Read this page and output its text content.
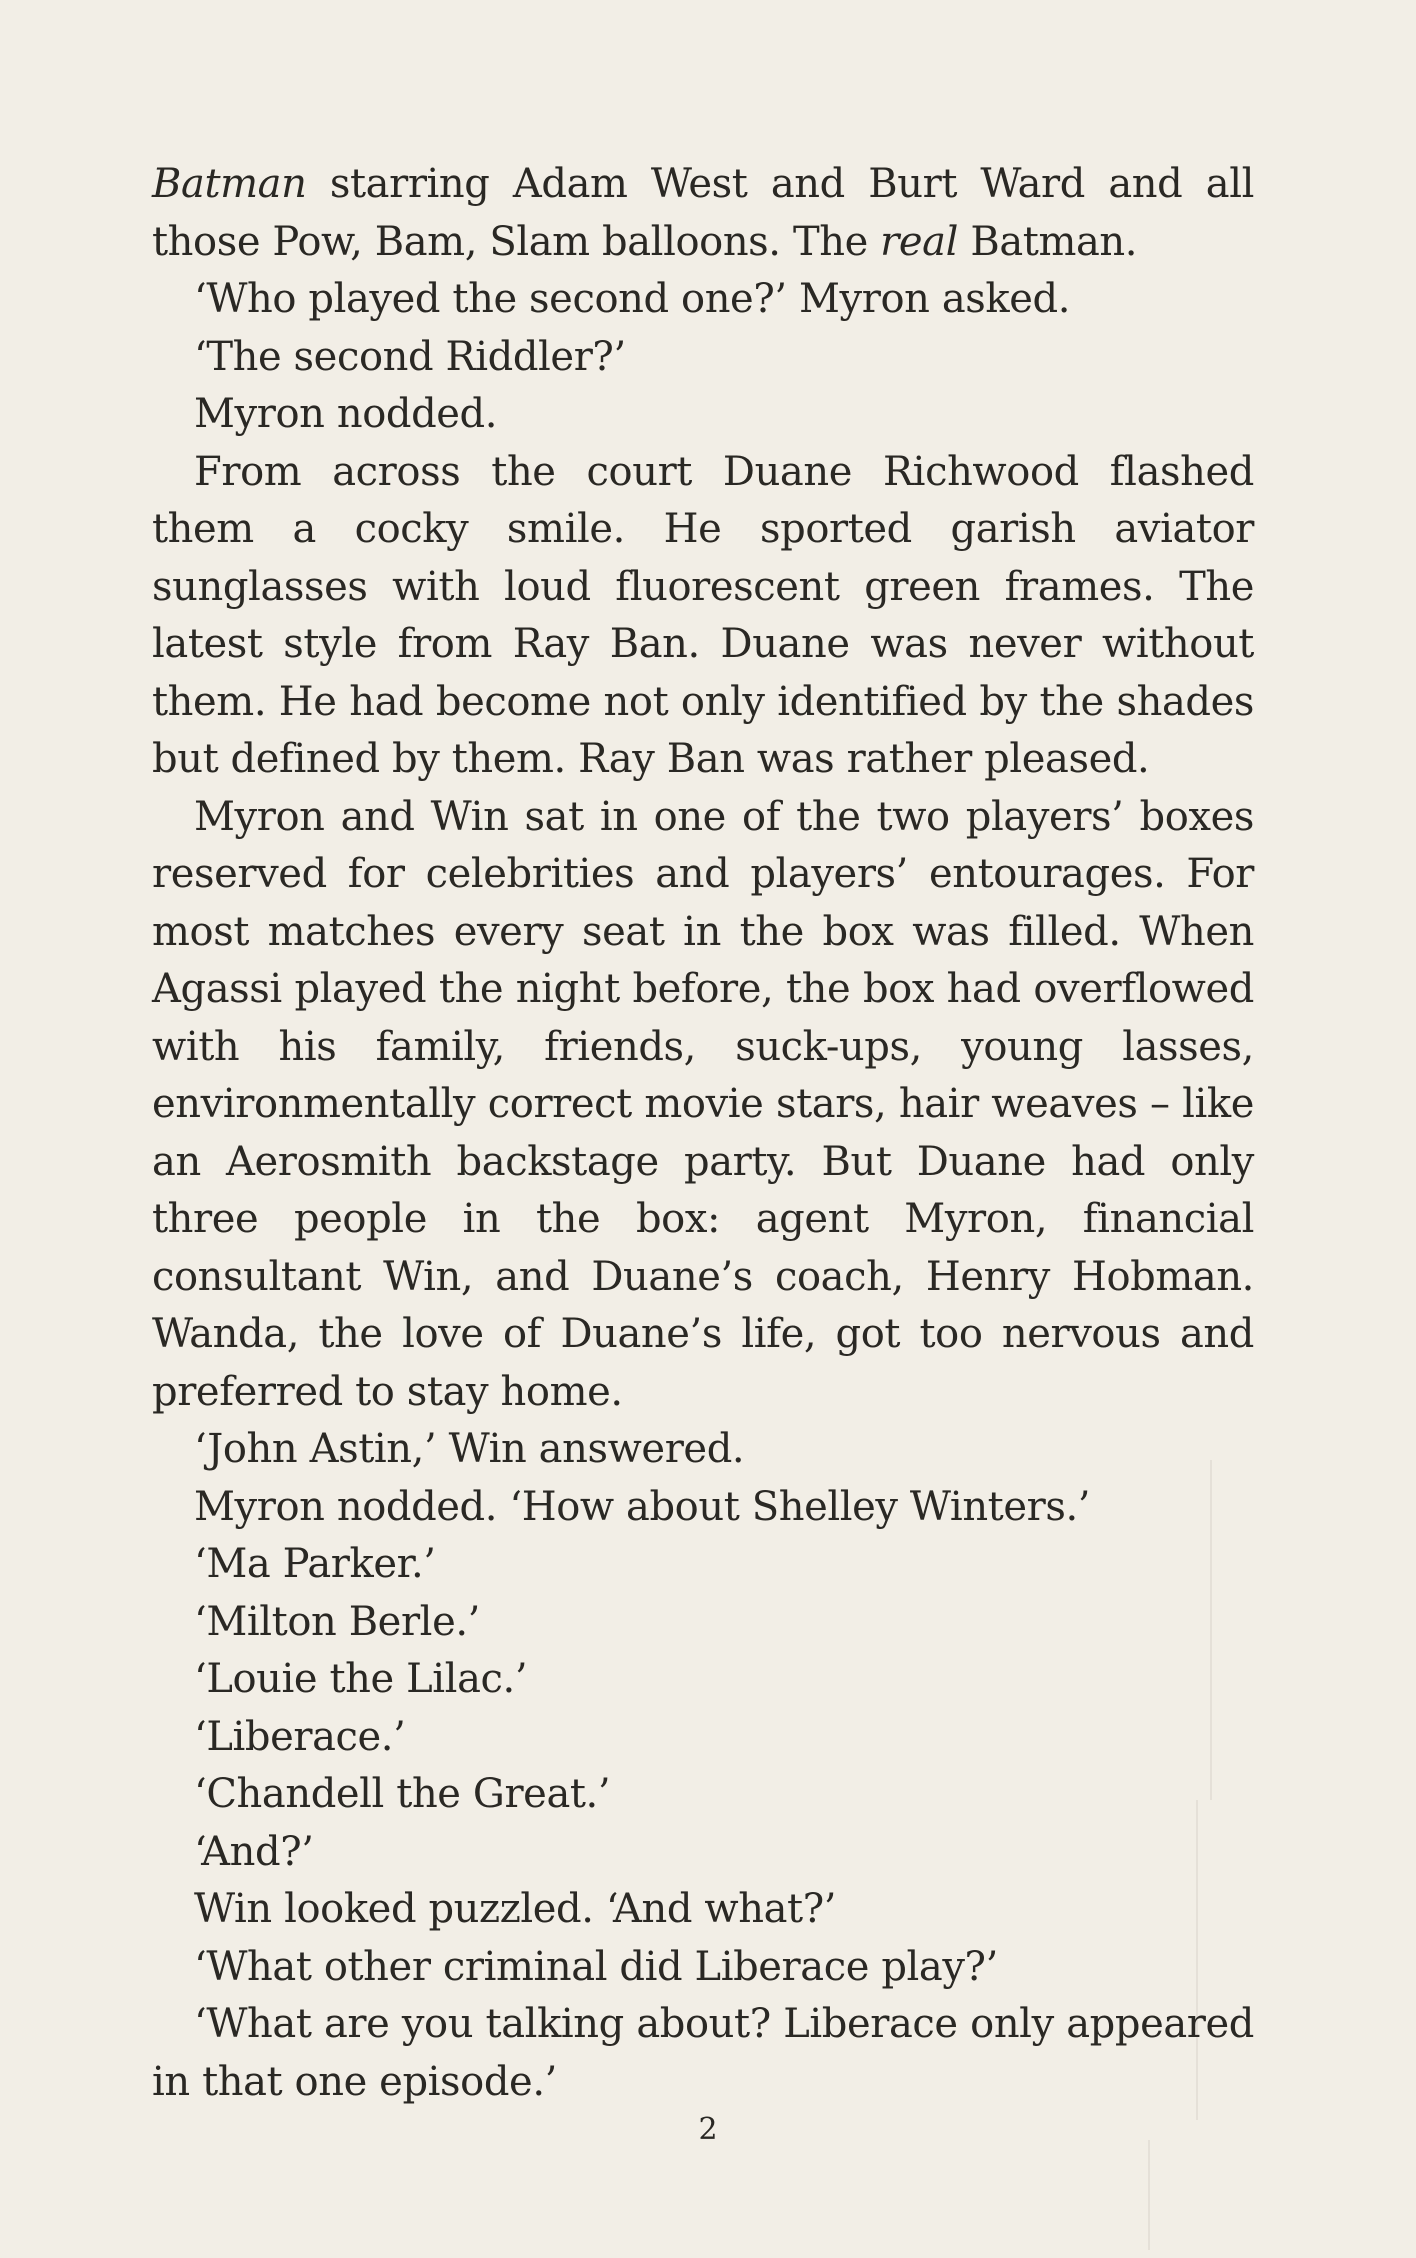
Batman starring Adam West and Burt Ward and all those Pow, Bam, Slam balloons. The real Batman.

‘Who played the second one?’ Myron asked.

‘The second Riddler?’

Myron nodded.

From across the court Duane Richwood flashed them a cocky smile. He sported garish aviator sunglasses with loud fluorescent green frames. The latest style from Ray Ban. Duane was never without them. He had become not only identified by the shades but defined by them. Ray Ban was rather pleased.

Myron and Win sat in one of the two players’ boxes reserved for celebrities and players’ entourages. For most matches every seat in the box was filled. When Agassi played the night before, the box had overflowed with his family, friends, suck-ups, young lasses, environmentally correct movie stars, hair weaves – like an Aerosmith backstage party. But Duane had only three people in the box: agent Myron, financial consultant Win, and Duane’s coach, Henry Hobman. Wanda, the love of Duane’s life, got too nervous and preferred to stay home.

‘John Astin,’ Win answered.

Myron nodded. ‘How about Shelley Winters.’

‘Ma Parker.’

‘Milton Berle.’

‘Louie the Lilac.’

‘Liberace.’

‘Chandell the Great.’

‘And?’

Win looked puzzled. ‘And what?’

‘What other criminal did Liberace play?’

‘What are you talking about? Liberace only appeared in that one episode.’

2
